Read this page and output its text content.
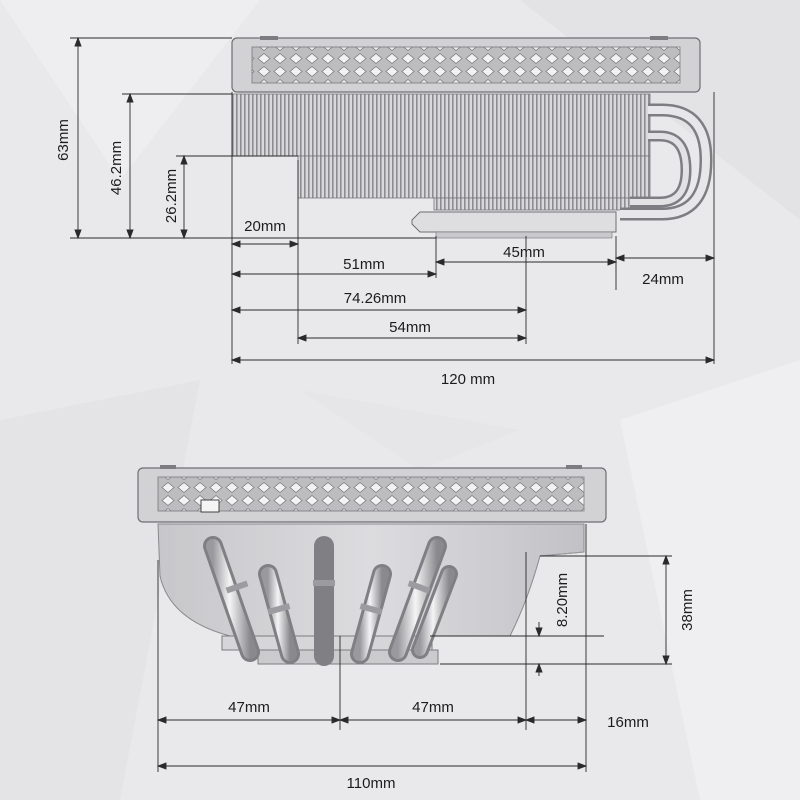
63mm
46.2mm
26.2mm
20mm
51mm
45mm
24mm
74.26mm
54mm
120 mm
8.20mm	38mm
47mm	47mm
16mm
110mm
